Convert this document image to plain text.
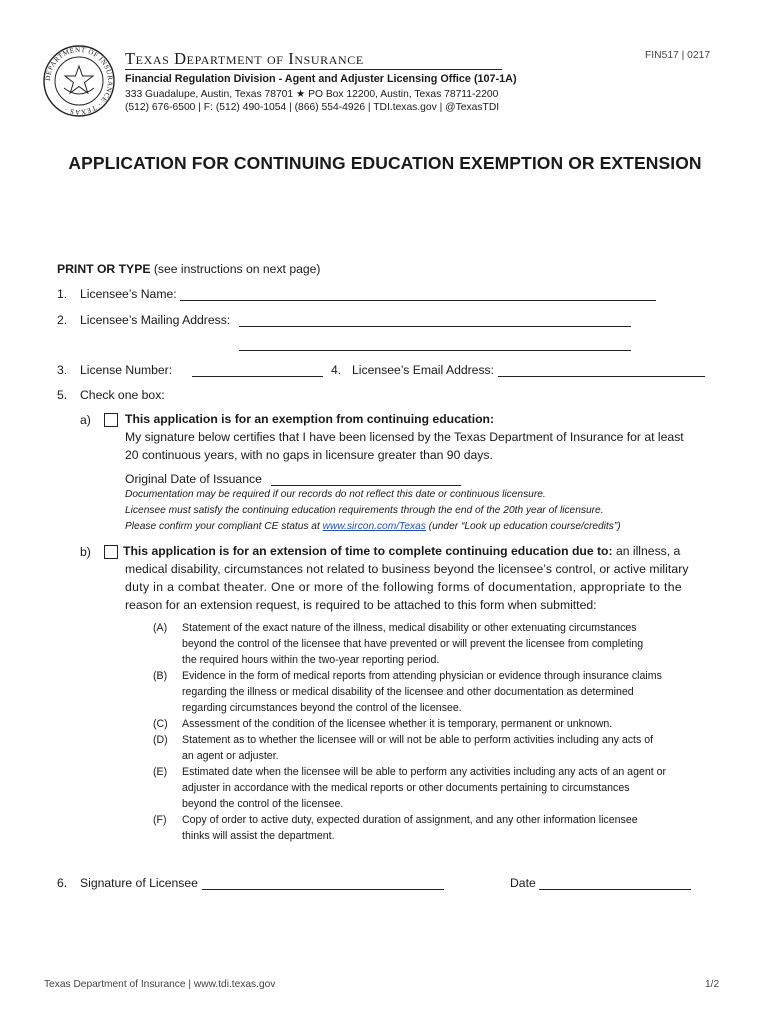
DEPARTMENT OF INSURANCE · TEXAS ·
Texas Department of Insurance
Financial Regulation Division - Agent and Adjuster Licensing Office (107-1A)
333 Guadalupe, Austin, Texas 78701 ★ PO Box 12200, Austin, Texas 78711-2200
(512) 676-6500 | F: (512) 490-1054 | (866) 554-4926 | TDI.texas.gov | @TexasTDI
FIN517 | 0217
APPLICATION FOR CONTINUING EDUCATION EXEMPTION OR EXTENSION
PRINT OR TYPE (see instructions on next page)
1. Licensee’s Name:
2. Licensee’s Mailing Address:
3. License Number:	4. Licensee’s Email Address:
5. Check one box:
a)	This application is for an exemption from continuing education:
My signature below certifies that I have been licensed by the Texas Department of Insurance for at least
20 continuous years, with no gaps in licensure greater than 90 days.
Original Date of Issuance
Documentation may be required if our records do not reflect this date or continuous licensure.
Licensee must satisfy the continuing education requirements through the end of the 20th year of licensure.
Please confirm your compliant CE status at www.sircon.com/Texas (under “Look up education course/credits”)
b)	This application is for an extension of time to complete continuing education due to: an illness, a
medical disability, circumstances not related to business beyond the licensee’s control, or active military
duty in a combat theater. One or more of the following forms of documentation, appropriate to the
reason for an extension request, is required to be attached to this form when submitted:
(A) Statement of the exact nature of the illness, medical disability or other extenuating circumstances
beyond the control of the licensee that have prevented or will prevent the licensee from completing
the required hours within the two-year reporting period.
(B) Evidence in the form of medical reports from attending physician or evidence through insurance claims
regarding the illness or medical disability of the licensee and other documentation as determined
regarding circumstances beyond the control of the licensee.
(C) Assessment of the condition of the licensee whether it is temporary, permanent or unknown.
(D) Statement as to whether the licensee will or will not be able to perform activities including any acts of
an agent or adjuster.
(E) Estimated date when the licensee will be able to perform any activities including any acts of an agent or
adjuster in accordance with the medical reports or other documents pertaining to circumstances
beyond the control of the licensee.
(F) Copy of order to active duty, expected duration of assignment, and any other information licensee
thinks will assist the department.
6. Signature of Licensee	Date
Texas Department of Insurance | www.tdi.texas.gov	1/2
